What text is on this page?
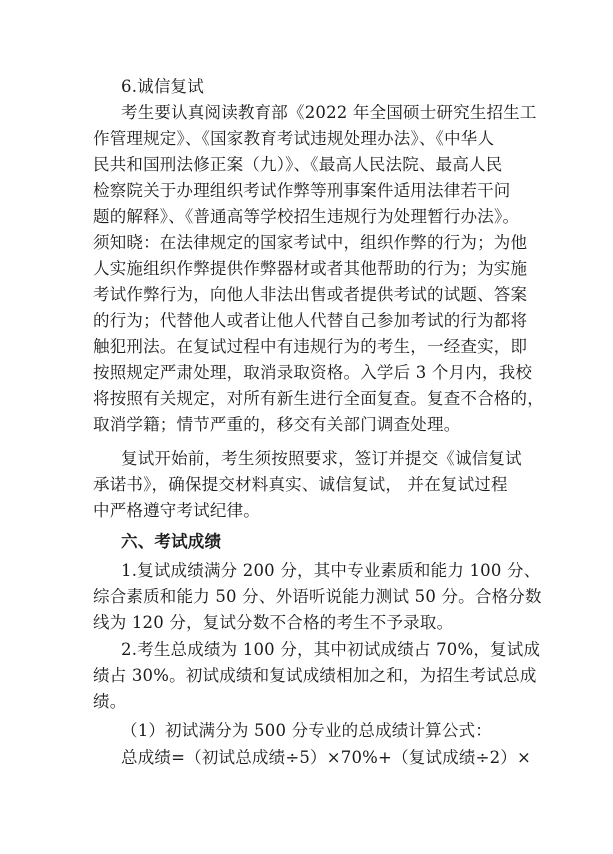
6.诚信复试
考生要认真阅读教育部《2022 年全国硕士研究生招生工
作管理规定》、《国家教育考试违规处理办法》、《中华人
民共和国刑法修正案（九）》、《最高人民法院、最高人民
检察院关于办理组织考试作弊等刑事案件适用法律若干问
题的解释》、《普通高等学校招生违规行为处理暂行办法》。
须知晓：在法律规定的国家考试中，组织作弊的行为；为他
人实施组织作弊提供作弊器材或者其他帮助的行为；为实施
考试作弊行为，向他人非法出售或者提供考试的试题、答案
的行为；代替他人或者让他人代替自己参加考试的行为都将
触犯刑法。在复试过程中有违规行为的考生，一经查实，即
按照规定严肃处理，取消录取资格。入学后 3 个月内，我校
将按照有关规定，对所有新生进行全面复查。复查不合格的，
取消学籍；情节严重的，移交有关部门调查处理。
复试开始前，考生须按照要求，签订并提交《诚信复试
承诺书》，确保提交材料真实、诚信复试， 并在复试过程
中严格遵守考试纪律。
六、考试成绩
1.复试成绩满分 200 分，其中专业素质和能力 100 分、
综合素质和能力 50 分、外语听说能力测试 50 分。合格分数
线为 120 分，复试分数不合格的考生不予录取。
2.考生总成绩为 100 分，其中初试成绩占 70%，复试成
绩占 30%。初试成绩和复试成绩相加之和，为招生考试总成
绩。
（1）初试满分为 500 分专业的总成绩计算公式：
总成绩=（初试总成绩÷5）×70%+（复试成绩÷2）×
